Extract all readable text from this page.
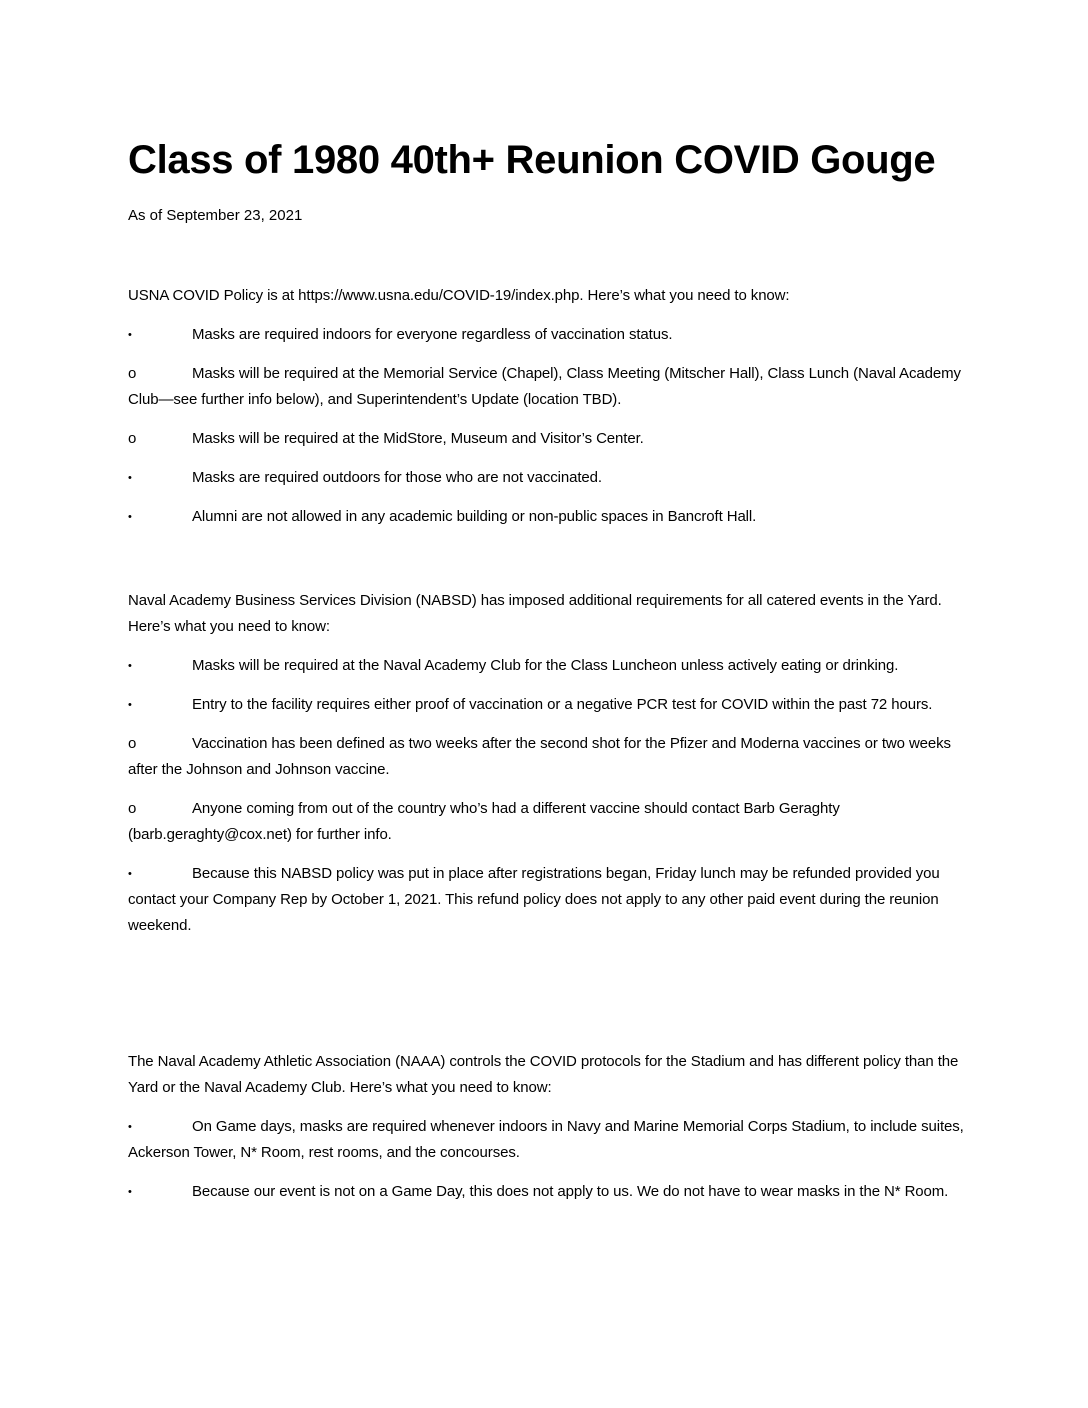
Class of 1980 40th+ Reunion COVID Gouge
As of September 23, 2021

USNA COVID Policy is at https://www.usna.edu/COVID-19/index.php. Here’s what you need to know:

•	Masks are required indoors for everyone regardless of vaccination status.

o	Masks will be required at the Memorial Service (Chapel), Class Meeting (Mitscher Hall), Class Lunch (Naval Academy Club—see further info below), and Superintendent’s Update (location TBD).

o	Masks will be required at the MidStore, Museum and Visitor’s Center.

•	Masks are required outdoors for those who are not vaccinated.

•	Alumni are not allowed in any academic building or non-public spaces in Bancroft Hall.

Naval Academy Business Services Division (NABSD) has imposed additional requirements for all catered events in the Yard. Here’s what you need to know:

•	Masks will be required at the Naval Academy Club for the Class Luncheon unless actively eating or drinking.

•	Entry to the facility requires either proof of vaccination or a negative PCR test for COVID within the past 72 hours.

o	Vaccination has been defined as two weeks after the second shot for the Pfizer and Moderna vaccines or two weeks after the Johnson and Johnson vaccine.

o	Anyone coming from out of the country who’s had a different vaccine should contact Barb Geraghty (barb.geraghty@cox.net) for further info.

•	Because this NABSD policy was put in place after registrations began, Friday lunch may be refunded provided you contact your Company Rep by October 1, 2021. This refund policy does not apply to any other paid event during the reunion weekend.

The Naval Academy Athletic Association (NAAA) controls the COVID protocols for the Stadium and has different policy than the Yard or the Naval Academy Club. Here’s what you need to know:

•	On Game days, masks are required whenever indoors in Navy and Marine Memorial Corps Stadium, to include suites, Ackerson Tower, N* Room, rest rooms, and the concourses.

•	Because our event is not on a Game Day, this does not apply to us. We do not have to wear masks in the N* Room.
